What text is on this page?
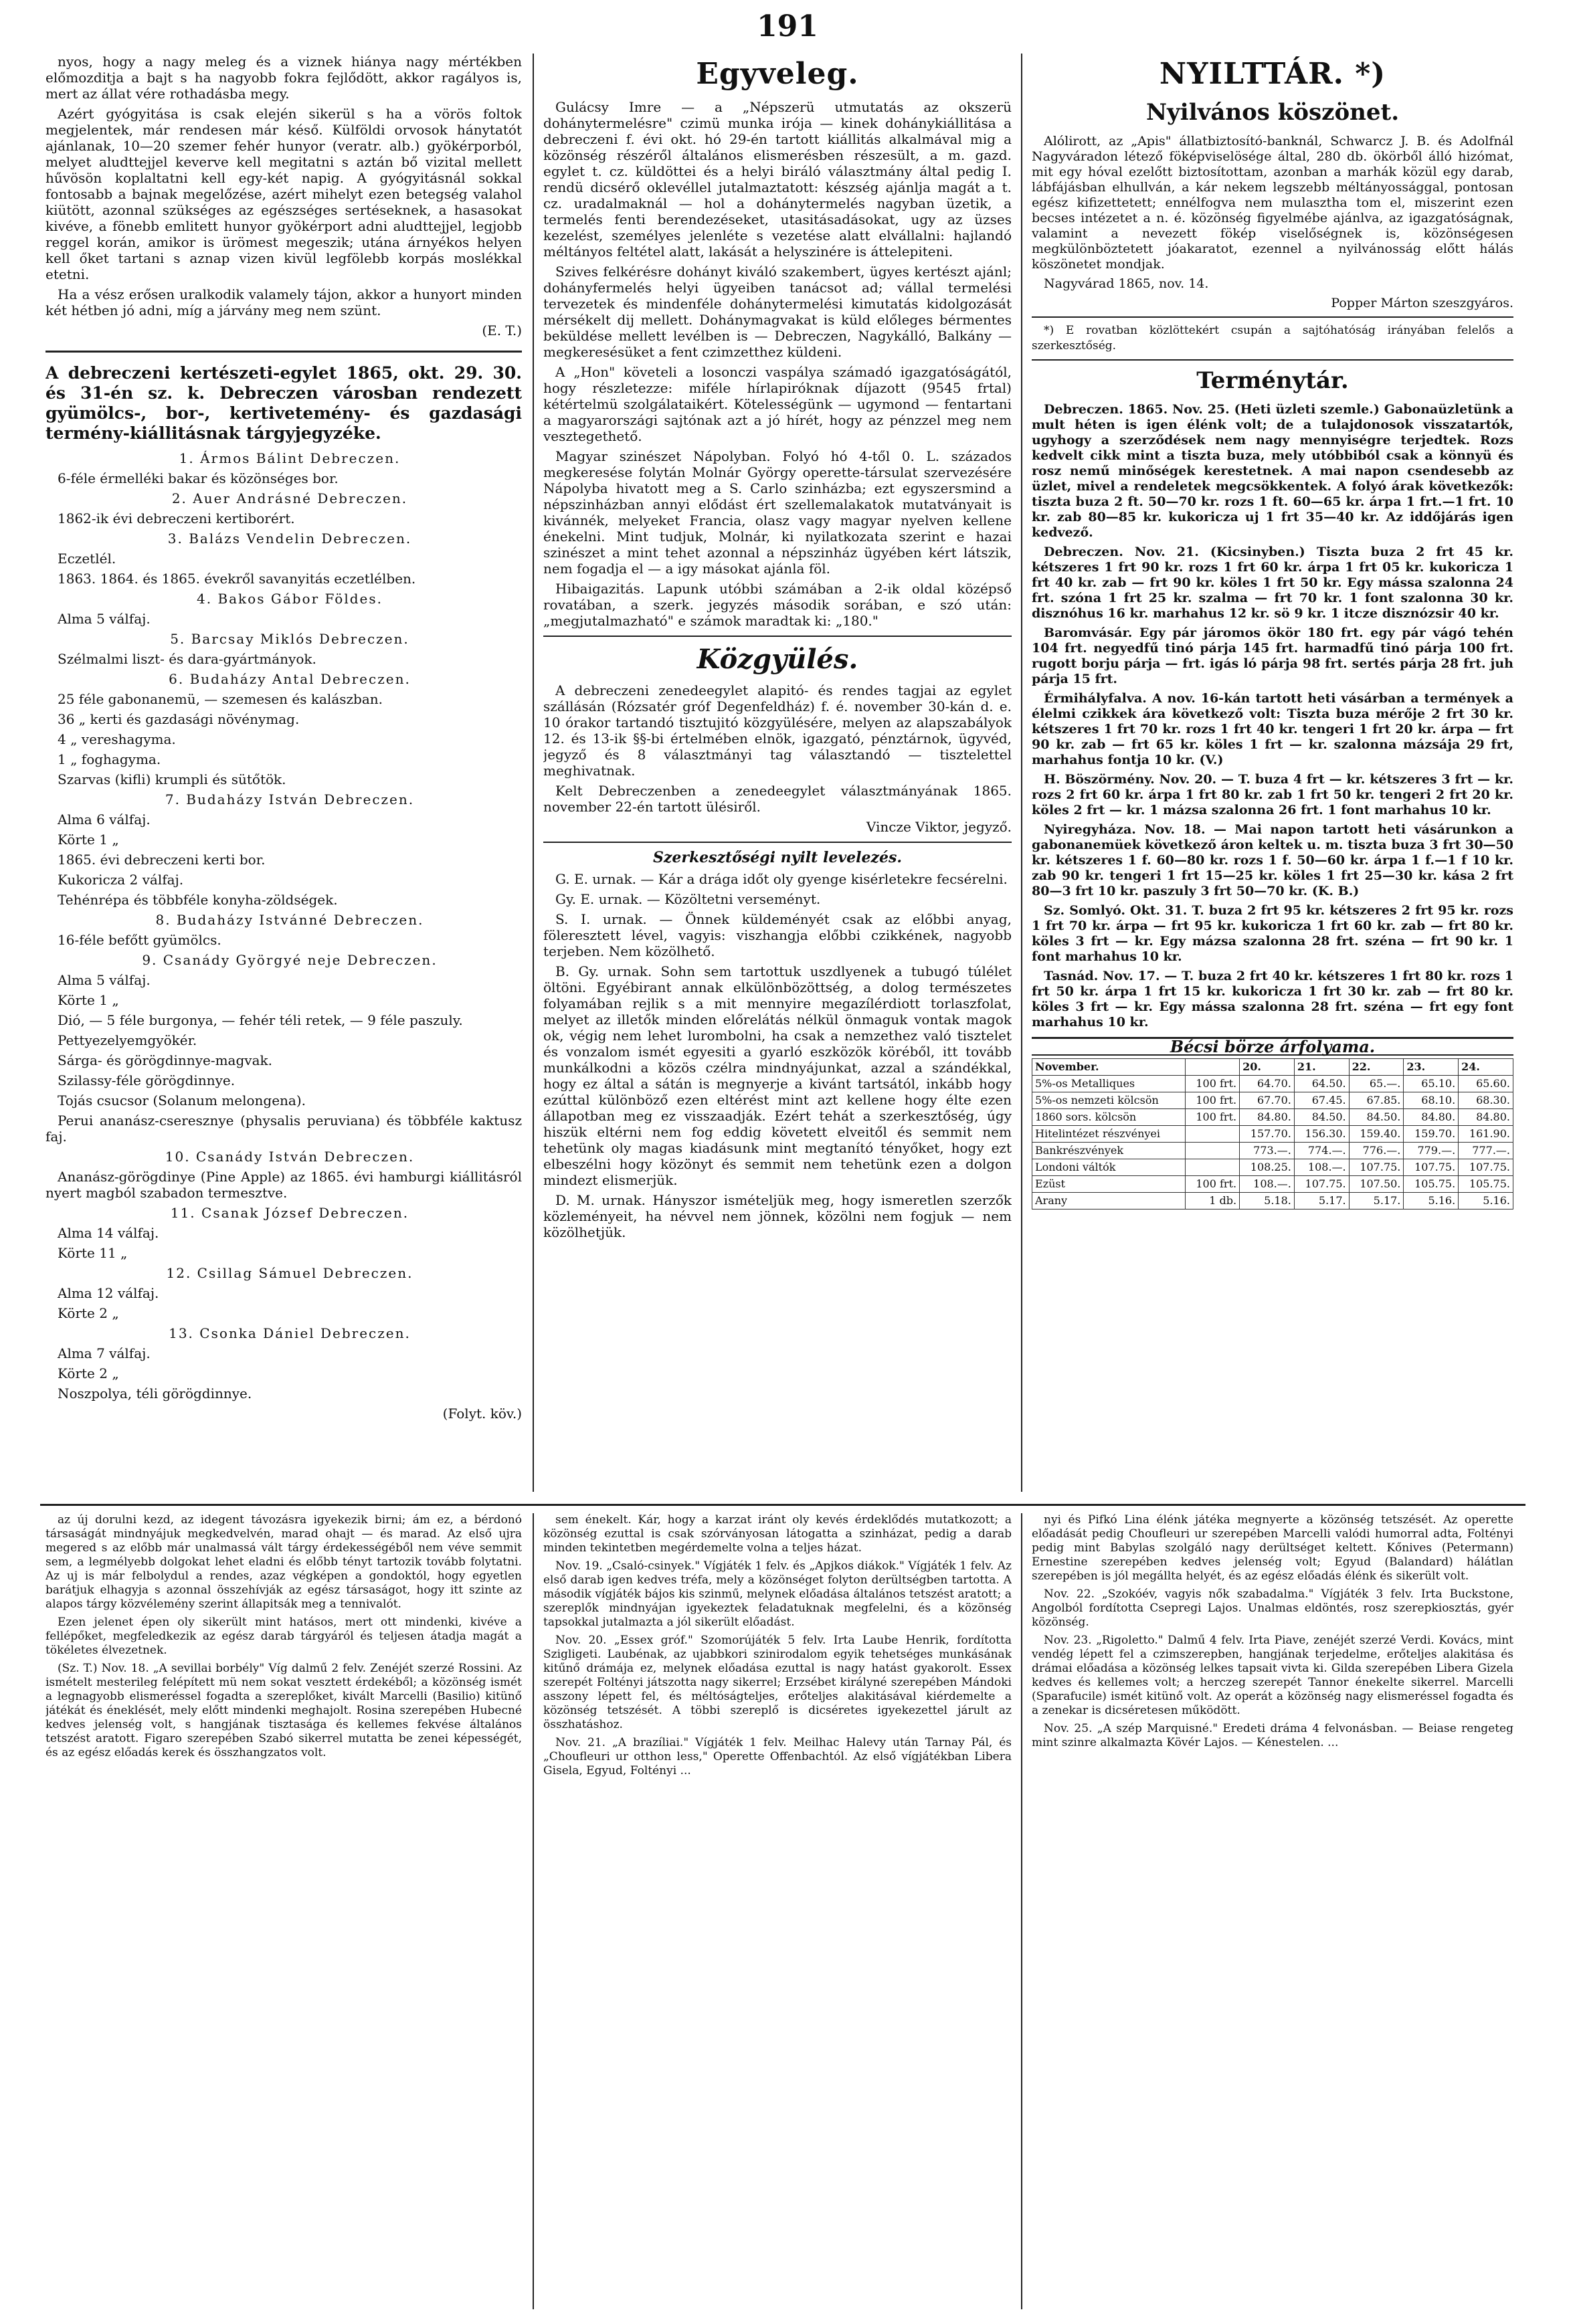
191

nyos, hogy a nagy meleg és a viznek hiánya nagy mértékben előmozditja a bajt s ha nagyobb fokra fejlődött, akkor ragályos is, mert az állat vére rothadásba megy.

Azért gyógyitása is csak elején sikerül s ha a vörös foltok megjelentek, már rendesen már késő. Külföldi orvosok hánytatót ajánlanak, 10—20 szemer fehér hunyor (veratr. alb.) gyökérporból, melyet aludttejjel keverve kell megitatni s aztán bő vizital mellett hűvösön koplaltatni kell egy-két napig. A gyógyitásnál sokkal fontosabb a bajnak megelőzése, azért mihelyt ezen betegség valahol kiütött, azonnal szükséges az egészséges sertéseknek, a hasasokat kivéve, a fönebb emlitett hunyor gyökérport adni aludttejjel, legjobb reggel korán, amikor is ürömest megeszik; utána árnyékos helyen kell őket tartani s aznap vizen kivül legfölebb korpás moslékkal etetni.

Ha a vész erősen uralkodik valamely tájon, akkor a hunyort minden két hétben jó adni, míg a járvány meg nem szünt.

(E. T.)

A debreczeni kertészeti-egylet 1865, okt. 29. 30. és 31-én sz. k. Debreczen városban rendezett gyümölcs-, bor-, kertivetemény- és gazdasági termény-kiállitásnak tárgyjegyzéke.

1. Ármos Bálint Debreczen.

6-féle érmelléki bakar és közönséges bor.

2. Auer Andrásné Debreczen.

1862-ik évi debreczeni kertiborért.

3. Balázs Vendelin Debreczen.

Eczetlél.

1863. 1864. és 1865. évekről savanyitás eczetlélben.

4. Bakos Gábor Földes.

Alma 5 válfaj.

5. Barcsay Miklós Debreczen.

Szélmalmi liszt- és dara-gyártmányok.

6. Budaházy Antal Debreczen.

25 féle gabonanemü, — szemesen és kalászban.

36 „ kerti és gazdasági növénymag.

4 „ vereshagyma.

1 „ foghagyma.

Szarvas (kifli) krumpli és sütőtök.

7. Budaházy István Debreczen.

Alma 6 válfaj.

Körte 1 „

1865. évi debreczeni kerti bor.

Kukoricza 2 válfaj.

Tehénrépa és többféle konyha-zöldségek.

8. Budaházy Istvánné Debreczen.

16-féle befőtt gyümölcs.

9. Csanády Györgyé neje Debreczen.

Alma 5 válfaj.

Körte 1 „

Dió, — 5 féle burgonya, — fehér téli retek, — 9 féle paszuly.

Pettyezelyemgyökér.

Sárga- és görögdinnye-magvak.

Szilassy-féle görögdinnye.

Tojás csucsor (Solanum melongena).

Perui ananász-cseresznye (physalis peruviana) és többféle kaktusz faj.

10. Csanády István Debreczen.

Ananász-görögdinye (Pine Apple) az 1865. évi hamburgi kiállitásról nyert magból szabadon termesztve.

11. Csanak József Debreczen.

Alma 14 válfaj.

Körte 11 „

12. Csillag Sámuel Debreczen.

Alma 12 válfaj.

Körte 2 „

13. Csonka Dániel Debreczen.

Alma 7 válfaj.

Körte 2 „

Noszpolya, téli görögdinnye.

(Folyt. köv.)

Egyveleg.

Gulácsy Imre — a „Népszerü utmutatás az okszerü dohánytermelésre" czimü munka irója — kinek dohánykiállitása a debreczeni f. évi okt. hó 29-én tartott kiállitás alkalmával mig a közönség részéről általános elismerésben részesült, a m. gazd. egylet t. cz. küldöttei és a helyi biráló választmány által pedig I. rendü dicsérő oklevéllel jutalmaztatott: készség ajánlja magát a t. cz. uradalmaknál — hol a dohánytermelés nagyban üzetik, a termelés fenti berendezéseket, utasitásadásokat, ugy az üzses kezelést, személyes jelenléte s vezetése alatt elvállalni: hajlandó méltányos feltétel alatt, lakását a helyszinére is áttelepiteni.

Szives felkérésre dohányt kiváló szakembert, ügyes kertészt ajánl; dohányfermelés helyi ügyeiben tanácsot ad; vállal termelési tervezetek és mindenféle dohánytermelési kimutatás kidolgozását mérsékelt dij mellett. Dohánymagvakat is küld előleges bérmentes beküldése mellett levélben is — Debreczen, Nagykálló, Balkány — megkeresésüket a fent czimzetthez küldeni.

A „Hon" követeli a losonczi vaspálya számadó igazgatóságától, hogy részletezze: miféle hírlapiróknak díjazott (9545 frtal) kétértelmü szolgálataikért. Kötelességünk — ugymond — fentartani a magyarországi sajtónak azt a jó hírét, hogy az pénzzel meg nem vesztegethető.

Magyar szinészet Nápolyban. Folyó hó 4-től 0. L. százados megkeresése folytán Molnár György operette-társulat szervezésére Nápolyba hivatott meg a S. Carlo szinházba; ezt egyszersmind a népszinházban annyi elődást ért szellemalakatok mutatványait is kivánnék, melyeket Francia, olasz vagy magyar nyelven kellene énekelni. Mint tudjuk, Molnár, ki nyilatkozata szerint e hazai szinészet a mint tehet azonnal a népszinház ügyében kért látszik, nem fogadja el — a igy másokat ajánla föl.

Hibaigazitás. Lapunk utóbbi számában a 2-ik oldal középső rovatában, a szerk. jegyzés második sorában, e szó után: „megjutalmazható" e számok maradtak ki: „180."

Közgyülés.

A debreczeni zenedeegylet alapitó- és rendes tagjai az egylet szállásán (Rózsatér gróf Degenfeldház) f. é. november 30-kán d. e. 10 órakor tartandó tisztujitó közgyülésére, melyen az alapszabályok 12. és 13-ik §§-bi értelmében elnök, igazgató, pénztárnok, ügyvéd, jegyző és 8 választmányi tag választandó — tisztelettel meghivatnak.

Kelt Debreczenben a zenedeegylet választmányának 1865. november 22-én tartott ülésiről.

Vincze Viktor, jegyző.

Szerkesztőségi nyilt levelezés.

G. E. urnak. — Kár a drága időt oly gyenge kisérletekre fecsérelni.

Gy. E. urnak. — Közöltetni verseményt.

S. I. urnak. — Önnek küldeményét csak az előbbi anyag, föleresztett lével, vagyis: viszhangja előbbi czikkének, nagyobb terjeben. Nem közölhető.

B. Gy. urnak. Sohn sem tartottuk uszdlyenek a tubugó túlélet öltöni. Egyébirant annak elkülönbözöttség, a dolog természetes folyamában rejlik s a mit mennyire megazílérdiott torlaszfolat, melyet az illetők minden előrelátás nélkül önmaguk vontak magok ok, végig nem lehet lurombolni, ha csak a nemzethez való tisztelet és vonzalom ismét egyesiti a gyarló eszközök köréből, itt tovább munkálkodni a közös czélra mindnyájunkat, azzal a szándékkal, hogy ez által a sátán is megnyerje a kivánt tartsától, inkább hogy ezúttal különböző ezen eltérést mint azt kellene hogy élte ezen állapotban meg ez visszaadják. Ezért tehát a szerkesztőség, úgy hiszük eltérni nem fog eddig követett elveitől és semmit nem tehetünk oly magas kiadásunk mint megtanító tényőket, hogy ezt elbeszélni hogy közönyt és semmit nem tehetünk ezen a dolgon mindezt elismerjük.

D. M. urnak. Hányszor ismételjük meg, hogy ismeretlen szerzők közleményeit, ha névvel nem jönnek, közölni nem fogjuk — nem közölhetjük.

NYILTTÁR. *)
Nyilvános köszönet.

Alólirott, az „Apis" állatbiztosító-banknál, Schwarcz J. B. és Adolfnál Nagyváradon létező föképviselösége által, 280 db. ökörből álló hizómat, mit egy hóval ezelőtt biztosítottam, azonban a marhák közül egy darab, lábfájásban elhullván, a kár nekem legszebb méltányossággal, pontosan egész kifizettetett; ennélfogva nem mulasztha tom el, miszerint ezen becses intézetet a n. é. közönség figyelmébe ajánlva, az igazgatóságnak, valamint a nevezett fökép viselőségnek is, közönségesen megkülönböztetett jóakaratot, ezennel a nyilvánosság előtt hálás köszönetet mondjak.

Nagyvárad 1865, nov. 14.

Popper Márton szeszgyáros.

*) E rovatban közlöttekért csupán a sajtóhatóság irányában felelős a szerkesztőség.

Terménytár.

Debreczen. 1865. Nov. 25. (Heti üzleti szemle.) Gabonaüzletünk a mult héten is igen élénk volt; de a tulajdonosok visszatartók, ugyhogy a szerződések nem nagy mennyiségre terjedtek. Rozs kedvelt cikk mint a tiszta buza, mely utóbbiból csak a könnyü és rosz nemű minőségek kerestetnek. A mai napon csendesebb az üzlet, mivel a rendeletek megcsökkentek. A folyó árak következők: tiszta buza 2 ft. 50—70 kr. rozs 1 ft. 60—65 kr. árpa 1 frt.—1 frt. 10 kr. zab 80—85 kr. kukoricza uj 1 frt 35—40 kr. Az iddőjárás igen kedvező.

Debreczen. Nov. 21. (Kicsinyben.) Tiszta buza 2 frt 45 kr. kétszeres 1 frt 90 kr. rozs 1 frt 60 kr. árpa 1 frt 05 kr. kukoricza 1 frt 40 kr. zab — frt 90 kr. köles 1 frt 50 kr. Egy mássa szalonna 24 frt. szóna 1 frt 25 kr. szalma — frt 70 kr. 1 font szalonna 30 kr. disznóhus 16 kr. marhahus 12 kr. sö 9 kr. 1 itcze disznózsir 40 kr.

Baromvásár. Egy pár járomos ökör 180 frt. egy pár vágó tehén 104 frt. negyedfű tinó párja 145 frt. harmadfű tinó párja 100 frt. rugott borju párja — frt. igás ló párja 98 frt. sertés párja 28 frt. juh párja 15 frt.

Érmihályfalva. A nov. 16-kán tartott heti vásárban a termények a élelmi czikkek ára következő volt: Tiszta buza mérője 2 frt 30 kr. kétszeres 1 frt 70 kr. rozs 1 frt 40 kr. tengeri 1 frt 20 kr. árpa — frt 90 kr. zab — frt 65 kr. köles 1 frt — kr. szalonna mázsája 29 frt, marhahus fontja 10 kr. (V.)

H. Böszörmény. Nov. 20. — T. buza 4 frt — kr. kétszeres 3 frt — kr. rozs 2 frt 60 kr. árpa 1 frt 80 kr. zab 1 frt 50 kr. tengeri 2 frt 20 kr. köles 2 frt — kr. 1 mázsa szalonna 26 frt. 1 font marhahus 10 kr.

Nyiregyháza. Nov. 18. — Mai napon tartott heti vásárunkon a gabonanemüek következő áron keltek u. m. tiszta buza 3 frt 30—50 kr. kétszeres 1 f. 60—80 kr. rozs 1 f. 50—60 kr. árpa 1 f.—1 f 10 kr. zab 90 kr. tengeri 1 frt 15—25 kr. köles 1 frt 25—30 kr. kása 2 frt 80—3 frt 10 kr. paszuly 3 frt 50—70 kr. (K. B.)

Sz. Somlyó. Okt. 31. T. buza 2 frt 95 kr. kétszeres 2 frt 95 kr. rozs 1 frt 70 kr. árpa — frt 95 kr. kukoricza 1 frt 60 kr. zab — frt 80 kr. köles 3 frt — kr. Egy mázsa szalonna 28 frt. széna — frt 90 kr. 1 font marhahus 10 kr.

Tasnád. Nov. 17. — T. buza 2 frt 40 kr. kétszeres 1 frt 80 kr. rozs 1 frt 50 kr. árpa 1 frt 15 kr. kukoricza 1 frt 30 kr. zab — frt 80 kr. köles 3 frt — kr. Egy mássa szalonna 28 frt. széna — frt egy font marhahus 10 kr.

Bécsi börze árfolyama.
November.		20.	21.	22.	23.	24.
5%-os Metalliques	100 frt.	64.70.	64.50.	65.—.	65.10.	65.60.
5%-os nemzeti kölcsön	100 frt.	67.70.	67.45.	67.85.	68.10.	68.30.
1860 sors. kölcsön	100 frt.	84.80.	84.50.	84.50.	84.80.	84.80.
Hitelintézet részvényei		157.70.	156.30.	159.40.	159.70.	161.90.
Bankrészvények		773.—.	774.—.	776.—.	779.—.	777.—.
Londoni váltók		108.25.	108.—.	107.75.	107.75.	107.75.
Ezüst	100 frt.	108.—.	107.75.	107.50.	105.75.	105.75.
Arany	1 db.	5.18.	5.17.	5.17.	5.16.	5.16.

az új dorulni kezd, az idegent távozásra igyekezik birni; ám ez, a bérdonó társaságát mindnyájuk megkedvelvén, marad ohajt — és marad. Az első ujra megered s az előbb már unalmassá vált tárgy érdekességéből nem véve semmit sem, a legmélyebb dolgokat lehet eladni és előbb tényt tartozik tovább folytatni. Az uj is már felbolydul a rendes, azaz végképen a gondoktól, hogy egyetlen barátjuk elhagyja s azonnal összehívják az egész társaságot, hogy itt szinte az alapos tárgy közvélemény szerint állapitsák meg a tennivalót.

Ezen jelenet épen oly sikerült mint hatásos, mert ott mindenki, kivéve a fellépőket, megfeledkezik az egész darab tárgyáról és teljesen átadja magát a tökéletes élvezetnek.

(Sz. T.) Nov. 18. „A sevillai borbély" Víg dalmű 2 felv. Zenéjét szerzé Rossini. Az ismételt mesterileg felépített mü nem sokat vesztett érdekéből; a közönség ismét a legnagyobb elismeréssel fogadta a szereplőket, kivált Marcelli (Basilio) kitünő játékát és éneklését, mely előtt mindenki meghajolt. Rosina szerepében Hubecné kedves jelenség volt, s hangjának tisztasága és kellemes fekvése általános tetszést aratott. Figaro szerepében Szabó sikerrel mutatta be zenei képességét, és az egész előadás kerek és összhangzatos volt.

sem énekelt. Kár, hogy a karzat iránt oly kevés érdeklődés mutatkozott; a közönség ezuttal is csak szórványosan látogatta a szinházat, pedig a darab minden tekintetben megérdemelte volna a teljes házat.

Nov. 19. „Csaló-csinyek." Vígjáték 1 felv. és „Apjkos diákok." Vígjáték 1 felv. Az első darab igen kedves tréfa, mely a közönséget folyton derültségben tartotta. A második vígjáték bájos kis szinmű, melynek előadása általános tetszést aratott; a szereplők mindnyájan igyekeztek feladatuknak megfelelni, és a közönség tapsokkal jutalmazta a jól sikerült előadást.

Nov. 20. „Essex gróf." Szomorújáték 5 felv. Irta Laube Henrik, fordította Szigligeti. Laubénak, az ujabbkori szinirodalom egyik tehetséges munkásának kitűnő drámája ez, melynek előadása ezuttal is nagy hatást gyakorolt. Essex szerepét Foltényi játszotta nagy sikerrel; Erzsébet királyné szerepében Mándoki asszony lépett fel, és méltóságteljes, erőteljes alakitásával kiérdemelte a közönség tetszését. A többi szereplő is dicséretes igyekezettel járult az összhatáshoz.

Nov. 21. „A brazíliai." Vígjáték 1 felv. Meilhac Halevy után Tarnay Pál, és „Choufleuri ur otthon less," Operette Offenbachtól. Az első vígjátékban Libera Gisela, Egyud, Foltényi ...

nyi és Pifkó Lina élénk játéka megnyerte a közönség tetszését. Az operette előadását pedig Choufleuri ur szerepében Marcelli valódi humorral adta, Foltényi pedig mint Babylas szolgáló nagy derültséget keltett. Kőnives (Petermann) Ernestine szerepében kedves jelenség volt; Egyud (Balandard) hálátlan szerepében is jól megállta helyét, és az egész előadás élénk és sikerült volt.

Nov. 22. „Szokóév, vagyis nők szabadalma." Vígjáték 3 felv. Irta Buckstone, Angolból fordította Csepregi Lajos. Unalmas eldöntés, rosz szerepkiosztás, gyér közönség.

Nov. 23. „Rigoletto." Dalmű 4 felv. Irta Piave, zenéjét szerzé Verdi. Kovács, mint vendég lépett fel a czimszerepben, hangjának terjedelme, erőteljes alakitása és drámai előadása a közönség lelkes tapsait vivta ki. Gilda szerepében Libera Gizela kedves és kellemes volt; a herczeg szerepét Tannor énekelte sikerrel. Marcelli (Sparafucile) ismét kitünő volt. Az operát a közönség nagy elismeréssel fogadta és a zenekar is dicséretesen működött.

Nov. 25. „A szép Marquisné." Eredeti dráma 4 felvonásban. — Beiase rengeteg mint szinre alkalmazta Kövér Lajos. — Kénestelen. ...
